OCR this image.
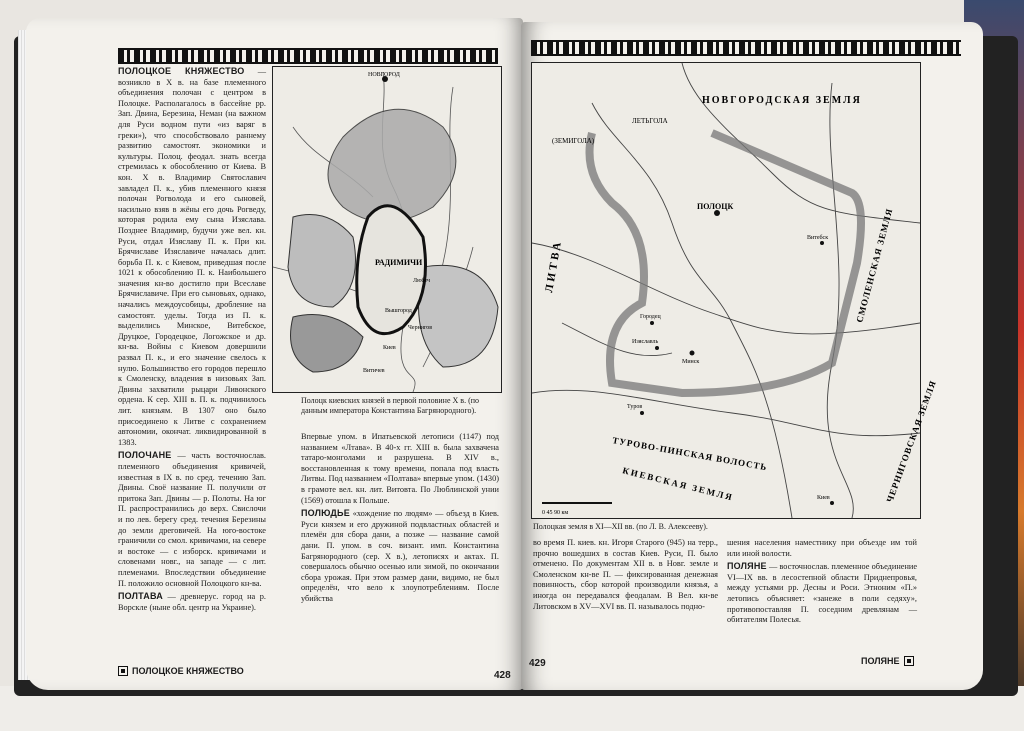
ПОЛОЦКОЕ КНЯЖЕСТВО — возникло в X в. на базе племенного объединения полочан с центром в Полоцке. Располагалось в бассейне рр. Зап. Двина, Березина, Неман (на важном для Руси водном пути «из варяг в греки»), что способствовало раннему развитию самостоят. экономики и культуры. Полоц. феодал. знать всегда стремилась к обособлению от Киева. В кон. X в. Владимир Святославич завладел П. к., убив племенного князя полочан Рогволода и его сыновей, насильно взяв в жёны его дочь Рогведу, которая родила ему сына Изяслава. Позднее Владимир, будучи уже вел. кн. Руси, отдал Изяславу П. к. При кн. Брячиславе Изяславиче началась длит. борьба П. к. с Киевом, приведшая после 1021 к обособлению П. к. Наибольшего значения кн-во достигло при Всеславе Брячиславиче. При его сыновьях, однако, начались междоусобицы, дробление на самостоят. уделы. Тогда из П. к. выделились Минское, Витебское, Друцкое, Городецкое, Логожское и др. кн-ва. Войны с Киевом довершили развал П. к., и его значение свелось к нулю. Большинство его городов перешло к Смоленску, владения в низовьях Зап. Двины захватили рыцари Ливонского ордена. К сер. XIII в. П. к. подчинилось лит. князьям. В 1307 оно было присоединено к Литве с сохранением автономии, окончат. ликвидированной в 1383.

ПОЛОЧАНЕ — часть восточнослав. племенного объединения кривичей, известная в IX в. по сред. течению Зап. Двины. Своё название П. получили от притока Зап. Двины — р. Полоты. На юг П. распространились до верх. Свислочи и по лев. берегу сред. течения Березины до земли дреговичей. На юго-востоке граничили со смол. кривичами, на севере и востоке — с изборск. кривичами и словенами новг., на западе — с лит. племенами. Впоследствии объединение П. положило основной Полоцкого кн-ва.

ПОЛТАВА — древнерус. город на р. Ворскле (ныне обл. центр на Украине).

НОВГОРОД
РАДИМИЧИ
Любеч
Вышгород
Чернигов
Витичев
Киев
Полоцк киевских князей в первой половине X в. (по данным императора Константина Багрянородного).

Впервые упом. в Ипатьевской летописи (1147) под названием «Лтава». В 40-х гг. XIII в. была захвачена татаро-монголами и разрушена. В XIV в., восстановленная к тому времени, попала под власть Литвы. Под названием «Полтава» впервые упом. (1430) в грамоте вел. кн. лит. Витовта. По Люблинской унии (1569) отошла к Польше.

ПОЛЮДЬЕ «хождение по людям» — объезд в Киев. Руси князем и его дружиной подвластных областей и племён для сбора дани, а позже — название самой дани. П. упом. в соч. визант. имп. Константина Багрянородного (сер. X в.), летописях и актах. П. совершалось обычно осенью или зимой, по окончании сбора урожая. При этом размер дани, видимо, не был определён, что вело к злоупотреблениям. После убийства

ПОЛОЦКОЕ КНЯЖЕСТВО	428
НОВГОРОДСКАЯ ЗЕМЛЯ
СМОЛЕНСКАЯ ЗЕМЛЯ
ЧЕРНИГОВСКАЯ ЗЕМЛЯ
ТУРОВО-ПИНСКАЯ ВОЛОСТЬ
КИЕВСКАЯ ЗЕМЛЯ
ЛИТВА
ЛЕТЬГОЛА
(ЗЕМИГОЛА)
ПОЛОЦК
Минск
Изяславль
Городец
Туров
Киев
Витебск
0 45 90 км
Полоцкая земля в XI—XII вв. (по Л. В. Алексееву).

во время П. киев. кн. Игоря Старого (945) на терр., прочно вошедших в состав Киев. Руси, П. было отменено. По документам XII в. в Новг. земле и Смоленском кн-ве П. — фиксированная денежная повинность, сбор которой производили князья, а иногда он передавался феодалам. В Вел. кн-ве Литовском в XV—XVI вв. П. называлось подно-

шения населения наместнику при объезде им той или иной волости.

ПОЛЯНЕ — восточнослав. племенное объединение VI—IX вв. в лесостепной области Приднепровья, между устьями рр. Десны и Роси. Этноним «П.» летопись объясняет: «занеже в поли седяху», противопоставляя П. соседним древлянам — обитателям Полесья.

429	ПОЛЯНЕ
